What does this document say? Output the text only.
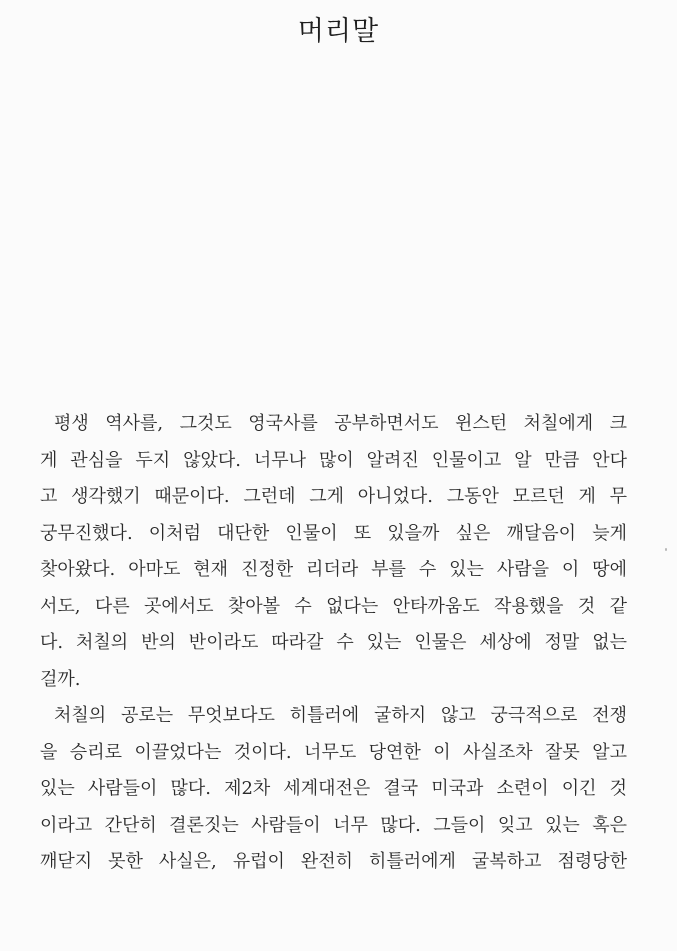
머리말
평생 역사를, 그것도 영국사를 공부하면서도 윈스턴 처칠에게 크
게 관심을 두지 않았다. 너무나 많이 알려진 인물이고 알 만큼 안다
고 생각했기 때문이다. 그런데 그게 아니었다. 그동안 모르던 게 무
궁무진했다. 이처럼 대단한 인물이 또 있을까 싶은 깨달음이 늦게
찾아왔다. 아마도 현재 진정한 리더라 부를 수 있는 사람을 이 땅에
서도, 다른 곳에서도 찾아볼 수 없다는 안타까움도 작용했을 것 같
다. 처칠의 반의 반이라도 따라갈 수 있는 인물은 세상에 정말 없는
걸까.
처칠의 공로는 무엇보다도 히틀러에 굴하지 않고 궁극적으로 전쟁
을 승리로 이끌었다는 것이다. 너무도 당연한 이 사실조차 잘못 알고
있는 사람들이 많다. 제2차 세계대전은 결국 미국과 소련이 이긴 것
이라고 간단히 결론짓는 사람들이 너무 많다. 그들이 잊고 있는 혹은
깨닫지 못한 사실은, 유럽이 완전히 히틀러에게 굴복하고 점령당한
